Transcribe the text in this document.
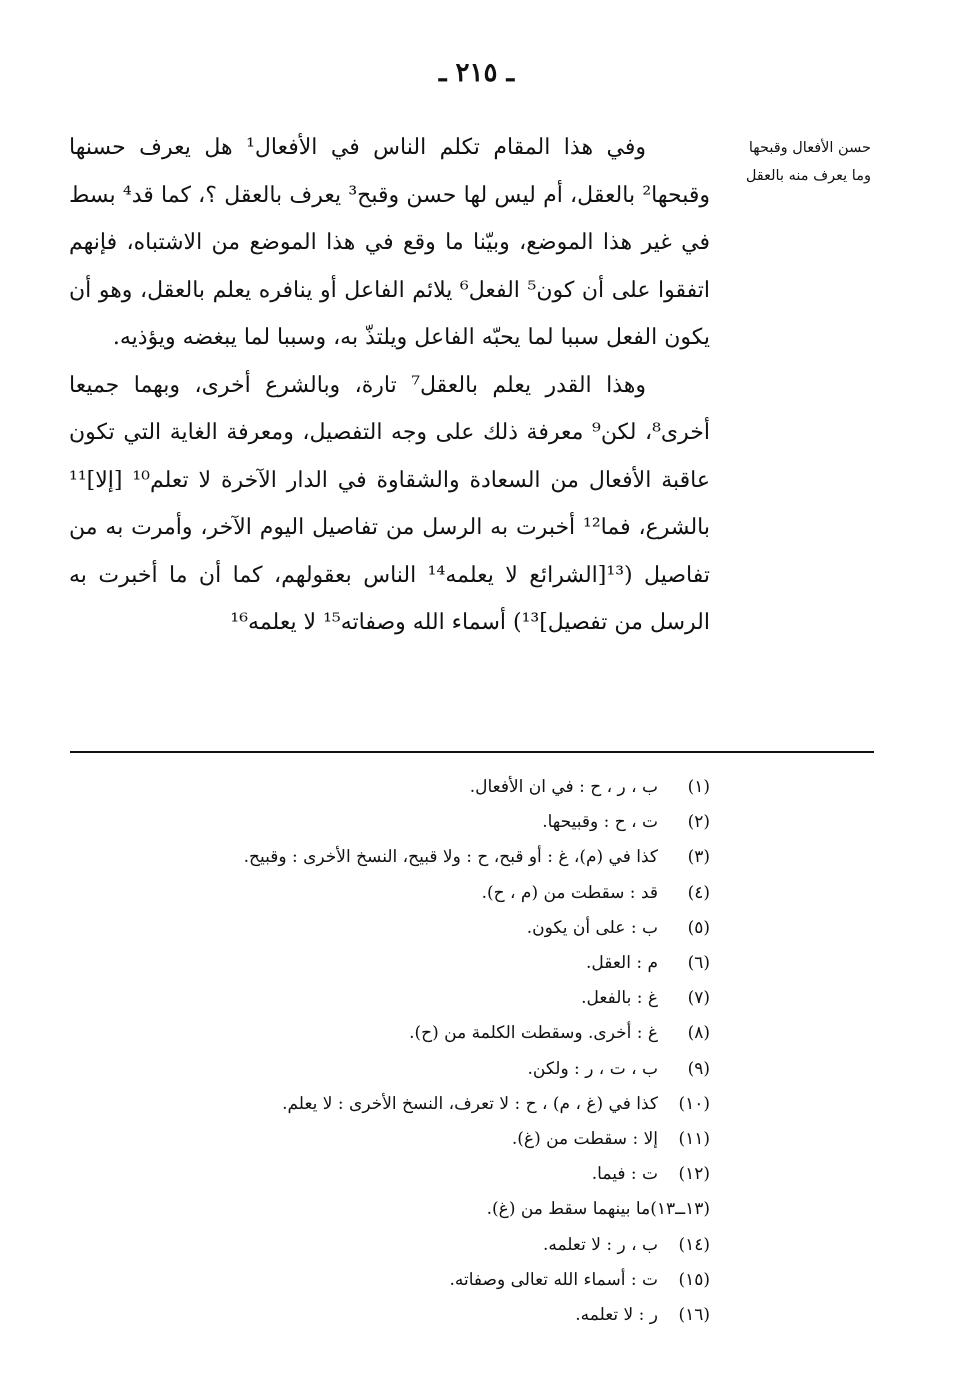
ـ ٢١٥ ـ
حسن الأفعال وقبحها
وما يعرف منه بالعقل

وفي هذا المقام تكلم الناس في الأفعال¹ هل يعرف حسنها وقبحها² بالعقل، أم ليس لها حسن وقبح³ يعرف بالعقل ؟، كما قد⁴ بسط في غير هذا الموضع، وبيّنا ما وقع في هذا الموضع من الاشتباه، فإنهم اتفقوا على أن كون⁵ الفعل⁶ يلائم الفاعل أو ينافره يعلم بالعقل، وهو أن يكون الفعل سببا لما يحبّه الفاعل ويلتذّ به، وسببا لما يبغضه ويؤذيه.

وهذا القدر يعلم بالعقل⁷ تارة، وبالشرع أخرى، وبهما جميعا أخرى⁸، لكن⁹ معرفة ذلك على وجه التفصيل، ومعرفة الغاية التي تكون عاقبة الأفعال من السعادة والشقاوة في الدار الآخرة لا تعلم¹⁰ [إلا]¹¹ بالشرع، فما¹² أخبرت به الرسل من تفاصيل اليوم الآخر، وأمرت به من تفاصيل (¹³[الشرائع لا يعلمه¹⁴ الناس بعقولهم، كما أن ما أخبرت به الرسل من تفصيل]¹³) أسماء الله وصفاته¹⁵ لا يعلمه¹⁶

(١)ب ، ر ، ح : في ان الأفعال.
(٢)ت ، ح : وقبيحها.
(٣)كذا في (م)، غ : أو قبح، ح : ولا قبيح، النسخ الأخرى : وقبيح.
(٤)قد : سقطت من (م ، ح).
(٥)ب : على أن يكون.
(٦)م : العقل.
(٧)غ : بالفعل.
(٨)غ : أخرى. وسقطت الكلمة من (ح).
(٩)ب ، ت ، ر : ولكن.
(١٠)كذا في (غ ، م) ، ح : لا تعرف، النسخ الأخرى : لا يعلم.
(١١)إلا : سقطت من (غ).
(١٢)ت : فيما.
(١٣ــ١٣)ما بينهما سقط من (غ).
(١٤)ب ، ر : لا تعلمه.
(١٥)ت : أسماء الله تعالى وصفاته.
(١٦)ر : لا تعلمه.
